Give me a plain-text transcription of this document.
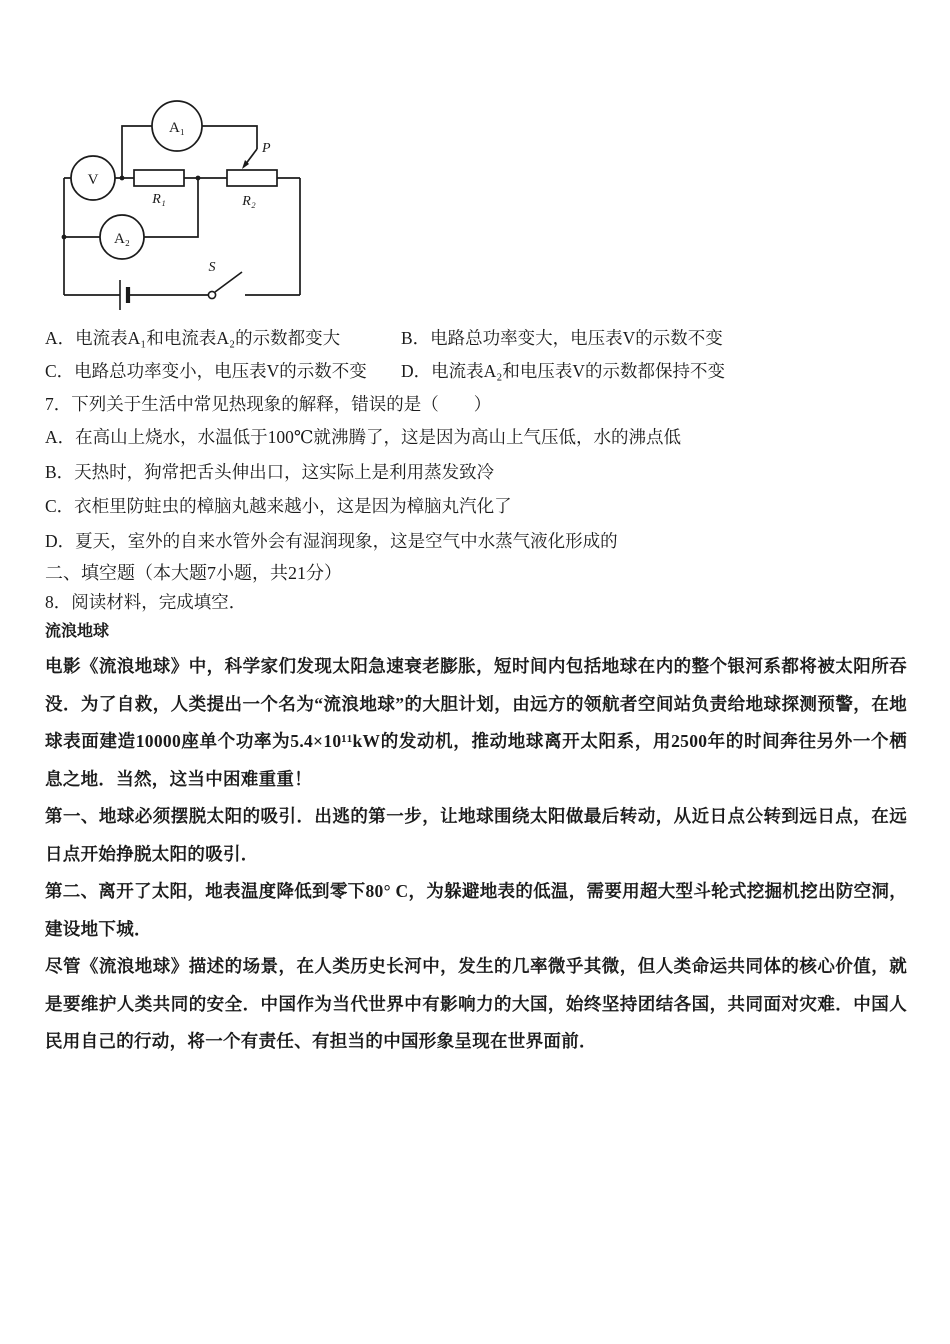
A₁
V
A₂
R₁	R₂
P
S
A．电流表A₁和电流表A₂的示数都变大	B．电路总功率变大，电压表V的示数不变
C．电路总功率变小，电压表V的示数不变	D．电流表A₂和电压表V的示数都保持不变
7．下列关于生活中常见热现象的解释，错误的是（　　）
A．在高山上烧水，水温低于100℃就沸腾了，这是因为高山上气压低，水的沸点低
B．天热时，狗常把舌头伸出口，这实际上是利用蒸发致冷
C．衣柜里防蛀虫的樟脑丸越来越小，这是因为樟脑丸汽化了
D．夏天，室外的自来水管外会有湿润现象，这是空气中水蒸气液化形成的
二、填空题（本大题7小题，共21分）
8．阅读材料，完成填空．
流浪地球

电影《流浪地球》中，科学家们发现太阳急速衰老膨胀，短时间内包括地球在内的整个银河系都将被太阳所吞没．为了自救，人类提出一个名为“流浪地球”的大胆计划，由远方的领航者空间站负责给地球探测预警，在地球表面建造10000座单个功率为5.4×10¹¹kW的发动机，推动地球离开太阳系，用2500年的时间奔往另外一个栖息之地．当然，这当中困难重重！

第一、地球必须摆脱太阳的吸引．出逃的第一步，让地球围绕太阳做最后转动，从近日点公转到远日点，在远日点开始挣脱太阳的吸引．

第二、离开了太阳，地表温度降低到零下80° C，为躲避地表的低温，需要用超大型斗轮式挖掘机挖出防空洞，建设地下城．

尽管《流浪地球》描述的场景，在人类历史长河中，发生的几率微乎其微，但人类命运共同体的核心价值，就是要维护人类共同的安全．中国作为当代世界中有影响力的大国，始终坚持团结各国，共同面对灾难．中国人民用自己的行动，将一个有责任、有担当的中国形象呈现在世界面前．
